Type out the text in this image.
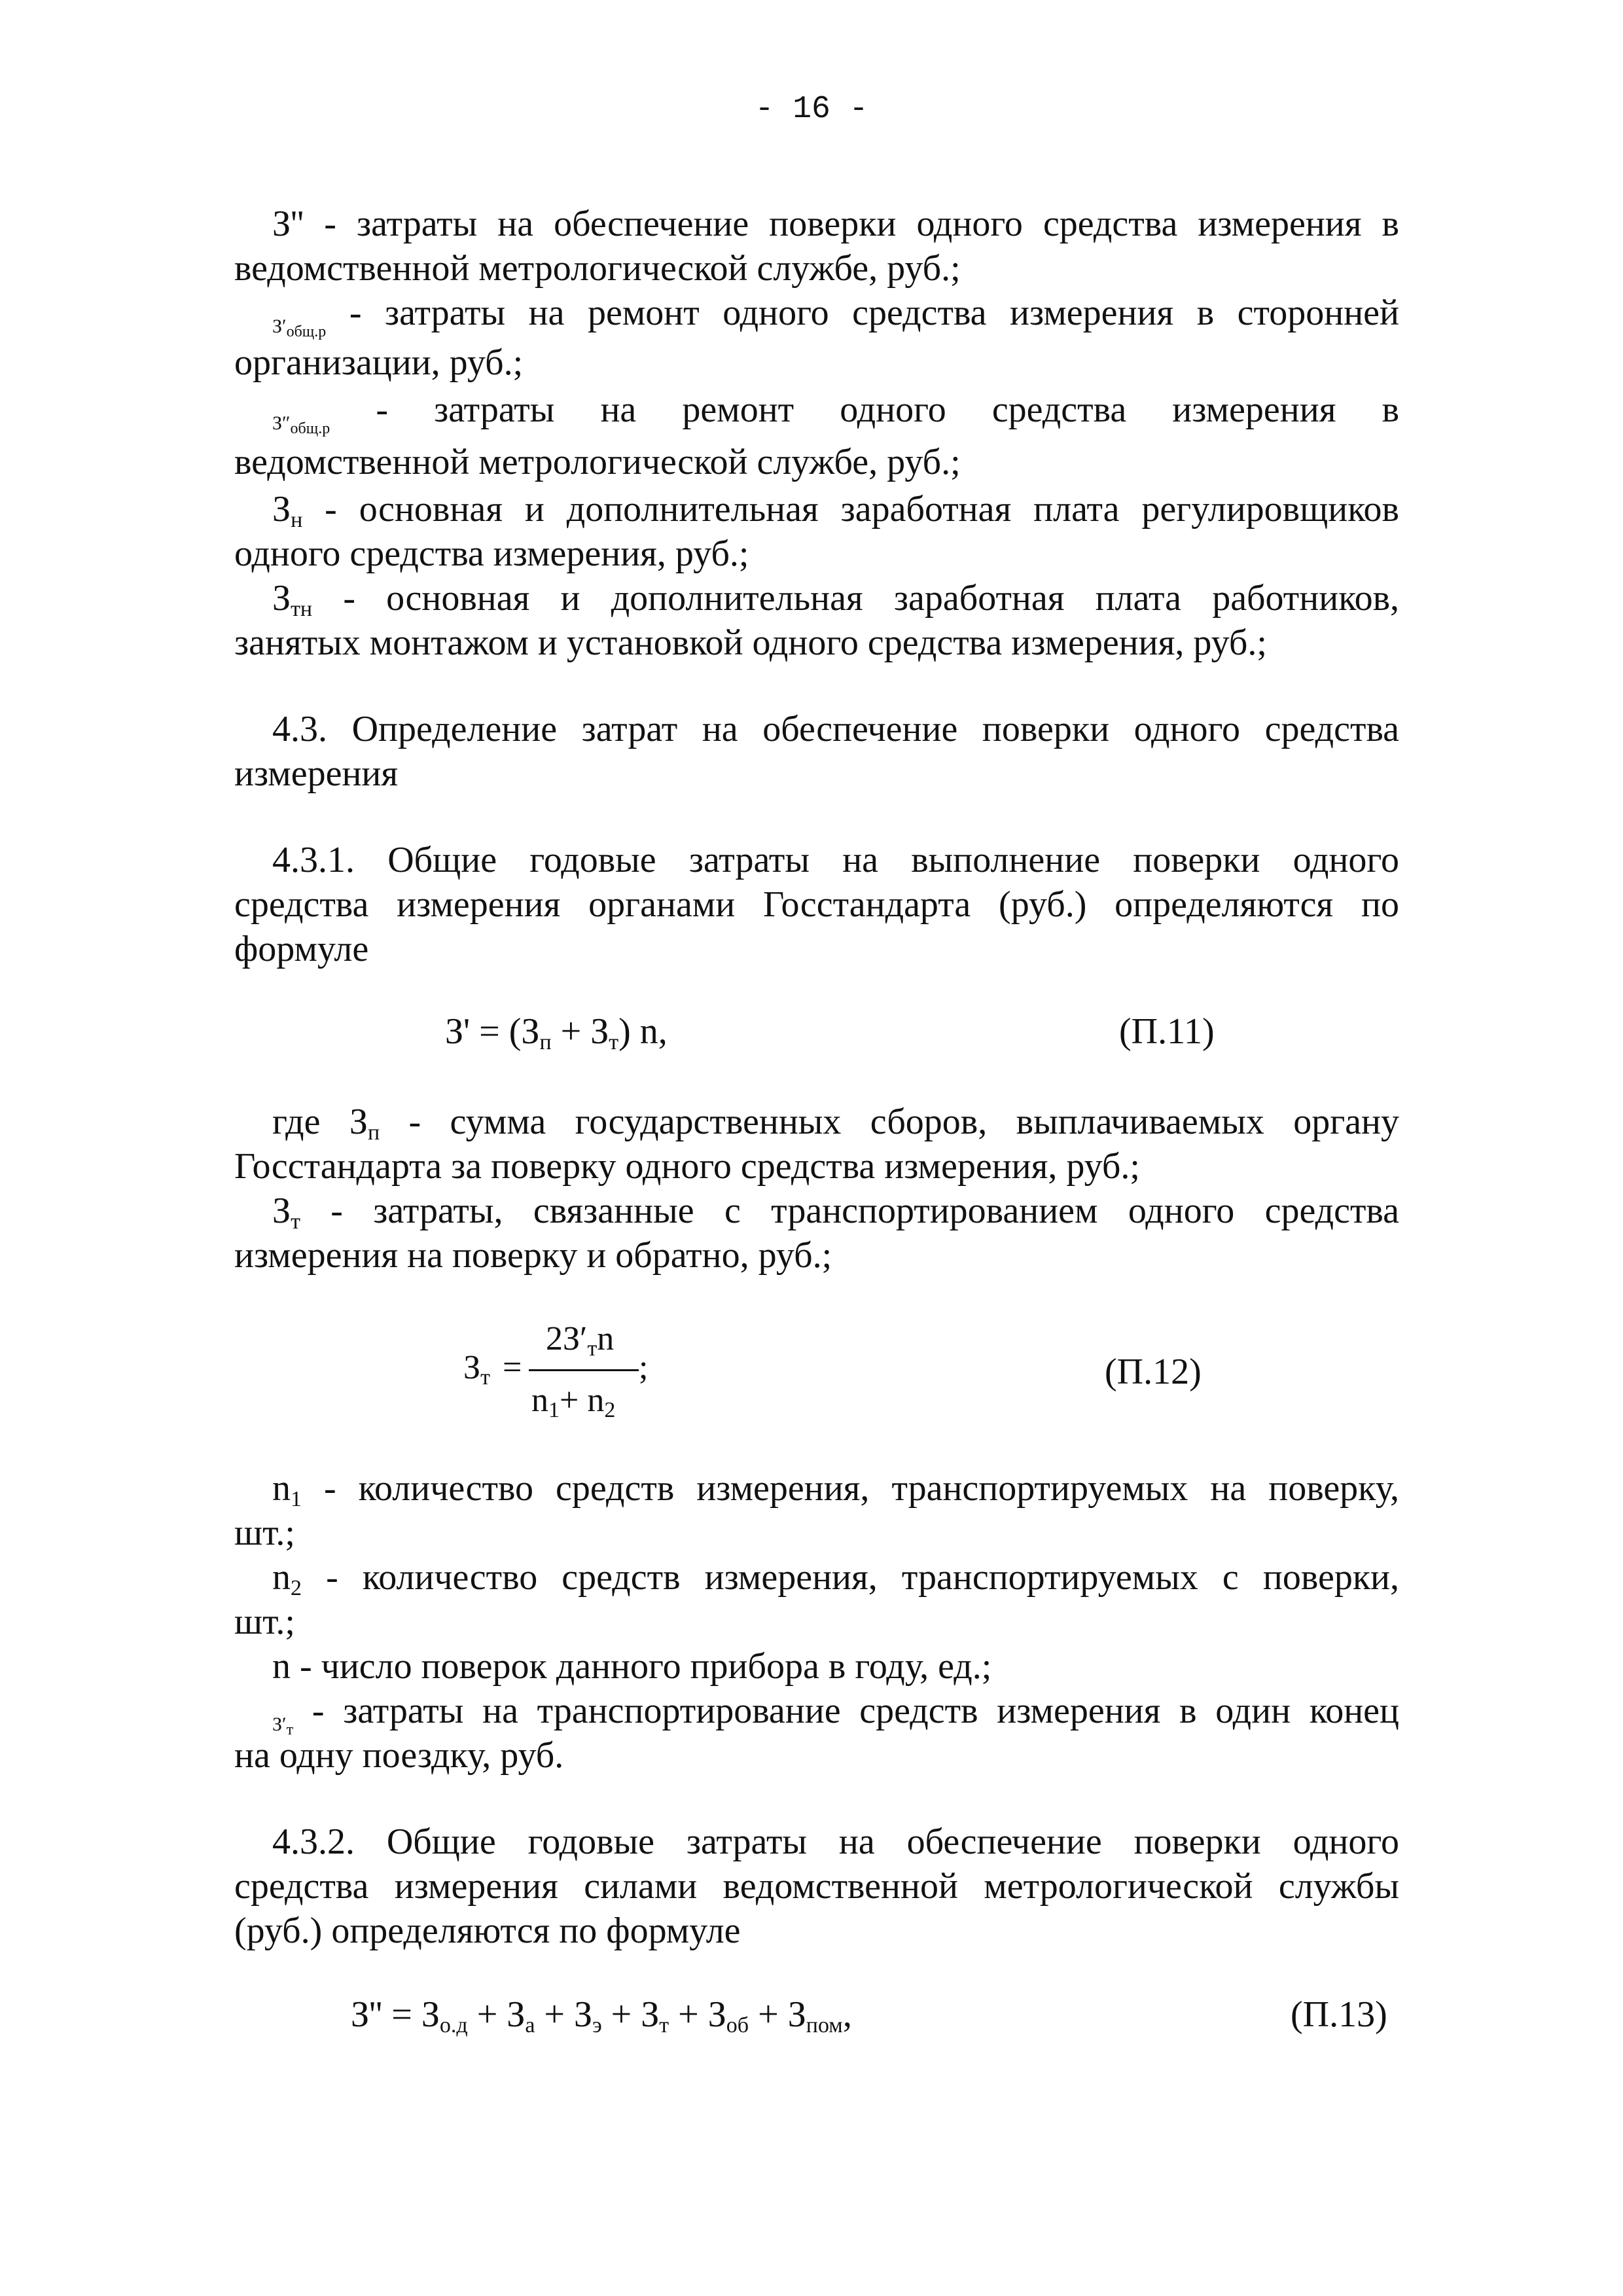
- 16 -

З'' - затраты на обеспечение поверки одного средства измерения в

ведомственной метрологической службе, руб.;

$_{З'общ.р}$ - затраты на ремонт одного средства измерения в сторонней

организации, руб.;

$_{З''общ.р}$ - затраты на ремонт одного средства измерения в

ведомственной метрологической службе, руб.;

$З_н$ - основная и дополнительная заработная плата регулировщиков

одного средства измерения, руб.;

$З_{тн}$ - основная и дополнительная заработная плата работников,

занятых монтажом и установкой одного средства измерения, руб.;

4.3. Определение затрат на обеспечение поверки одного средства

измерения

4.3.1. Общие годовые затраты на выполнение поверки одного

средства измерения органами Госстандарта (руб.) определяются по

формуле

$З' = (З_п + З_т)$ n,	(П.11)

где $З_п$ - сумма государственных сборов, выплачиваемых органу

Госстандарта за поверку одного средства измерения, руб.;

$З_т$ - затраты, связанные с транспортированием одного средства

измерения на поверку и обратно, руб.;

$З_т$ =
$2З'_тn$
$n_1+ n_2$
;	(П.12)

$n_1$ - количество средств измерения, транспортируемых на поверку,

шт.;

$n_2$ - количество средств измерения, транспортируемых с поверки,

шт.;

n - число поверок данного прибора в году, ед.;

$_{З'т}$ - затраты на транспортирование средств измерения в один конец

на одну поездку, руб.

4.3.2. Общие годовые затраты на обеспечение поверки одного

средства измерения силами ведомственной метрологической службы

(руб.) определяются по формуле

$З'' = З_{о.д} + З_а + З_э + З_т + З_{об} + З_{пом}$,	(П.13)
